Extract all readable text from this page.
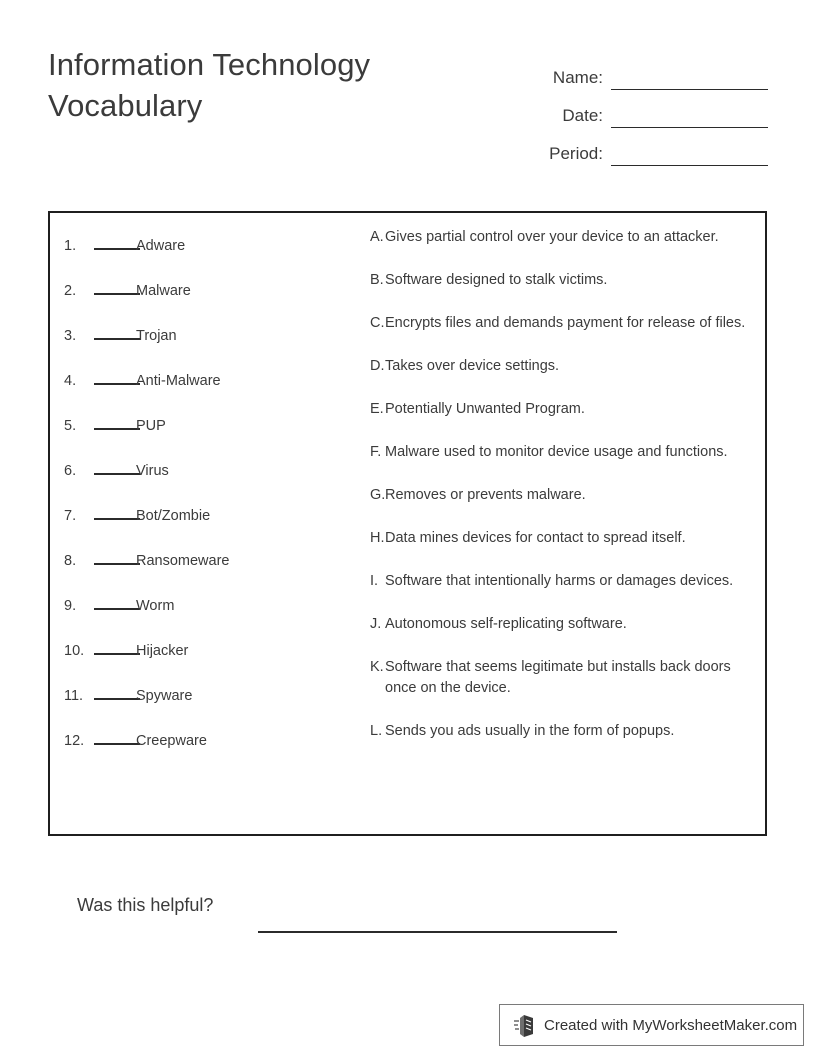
Information Technology
Vocabulary
Name:
Date:
Period:
1.	Adware
2.	Malware
3.	Trojan
4.	Anti-Malware
5.	PUP
6.	Virus
7.	Bot/Zombie
8.	Ransomeware
9.	Worm
10.	Hijacker
11.	Spyware
12.	Creepware
A. Gives partial control over your device to an attacker.
B. Software designed to stalk victims.
C. Encrypts files and demands payment for release of files.
D. Takes over device settings.
E. Potentially Unwanted Program.
F. Malware used to monitor device usage and functions.
G. Removes or prevents malware.
H. Data mines devices for contact to spread itself.
I. Software that intentionally harms or damages devices.
J. Autonomous self-replicating software.
K. Software that seems legitimate but installs back doors once on the device.
L. Sends you ads usually in the form of popups.
Was this helpful?
Created with MyWorksheetMaker.com
